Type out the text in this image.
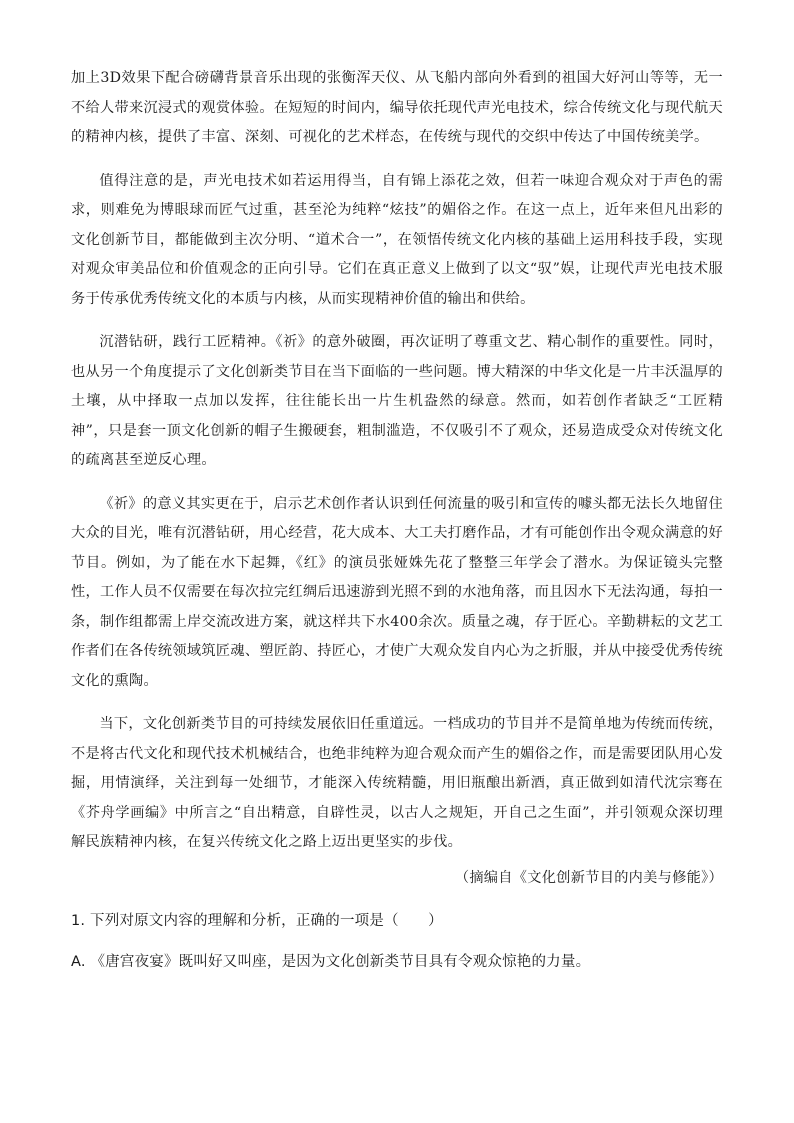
加上3D效果下配合磅礴背景音乐出现的张衡浑天仪、从飞船内部向外看到的祖国大好河山等等，无一不给人带来沉浸式的观赏体验。在短短的时间内，编导依托现代声光电技术，综合传统文化与现代航天的精神内核，提供了丰富、深刻、可视化的艺术样态，在传统与现代的交织中传达了中国传统美学。

值得注意的是，声光电技术如若运用得当，自有锦上添花之效，但若一味迎合观众对于声色的需求，则难免为博眼球而匠气过重，甚至沦为纯粹“炫技”的媚俗之作。在这一点上，近年来但凡出彩的文化创新节目，都能做到主次分明、“道术合一”，在领悟传统文化内核的基础上运用科技手段，实现对观众审美品位和价值观念的正向引导。它们在真正意义上做到了以文“驭”娱，让现代声光电技术服务于传承优秀传统文化的本质与内核，从而实现精神价值的输出和供给。

沉潜钻研，践行工匠精神。《祈》的意外破圈，再次证明了尊重文艺、精心制作的重要性。同时，也从另一个角度提示了文化创新类节目在当下面临的一些问题。博大精深的中华文化是一片丰沃温厚的土壤，从中择取一点加以发挥，往往能长出一片生机盎然的绿意。然而，如若创作者缺乏“工匠精神”，只是套一顶文化创新的帽子生搬硬套，粗制滥造，不仅吸引不了观众，还易造成受众对传统文化的疏离甚至逆反心理。

《祈》的意义其实更在于，启示艺术创作者认识到任何流量的吸引和宣传的噱头都无法长久地留住大众的目光，唯有沉潜钻研，用心经营，花大成本、大工夫打磨作品，才有可能创作出令观众满意的好节目。例如，为了能在水下起舞，《红》的演员张娅姝先花了整整三年学会了潜水。为保证镜头完整性，工作人员不仅需要在每次拉完红绸后迅速游到光照不到的水池角落，而且因水下无法沟通，每拍一条，制作组都需上岸交流改进方案，就这样共下水400余次。质量之魂，存于匠心。辛勤耕耘的文艺工作者们在各传统领域筑匠魂、塑匠韵、持匠心，才使广大观众发自内心为之折服，并从中接受优秀传统文化的熏陶。

当下，文化创新类节目的可持续发展依旧任重道远。一档成功的节目并不是简单地为传统而传统，不是将古代文化和现代技术机械结合，也绝非纯粹为迎合观众而产生的媚俗之作，而是需要团队用心发掘，用情演绎，关注到每一处细节，才能深入传统精髓，用旧瓶酿出新酒，真正做到如清代沈宗骞在《芥舟学画编》中所言之“自出精意，自辟性灵，以古人之规矩，开自己之生面”，并引领观众深切理解民族精神内核，在复兴传统文化之路上迈出更坚实的步伐。

（摘编自《文化创新节目的内美与修能》）

1. 下列对原文内容的理解和分析，正确的一项是（　　）

A. 《唐宫夜宴》既叫好又叫座，是因为文化创新类节目具有令观众惊艳的力量。
